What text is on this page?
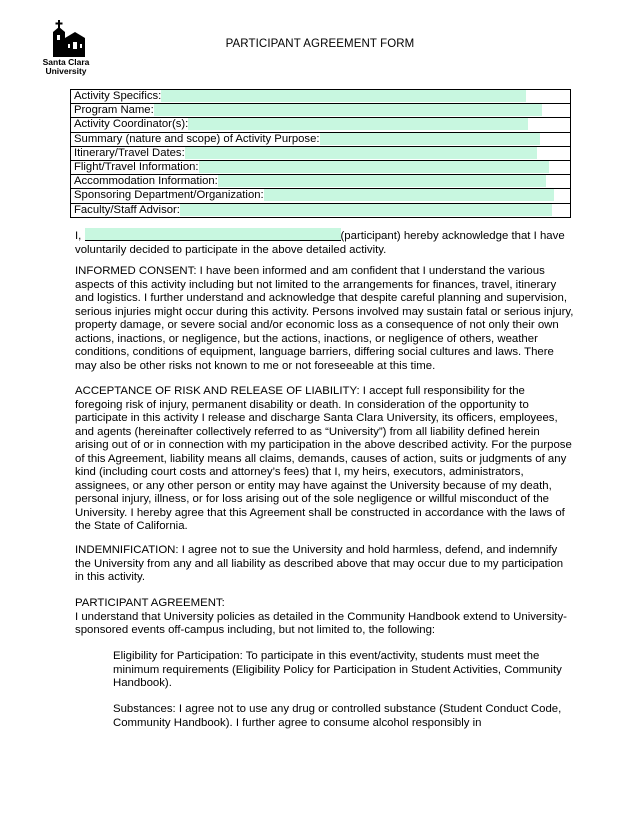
Santa Clara
University
PARTICIPANT AGREEMENT FORM
Activity Specifics:
Program Name:
Activity Coordinator(s):
Summary (nature and scope) of Activity Purpose:
Itinerary/Travel Dates:
Flight/Travel Information:
Accommodation Information:
Sponsoring Department/Organization:
Faculty/Staff Advisor:

I,	(participant) hereby acknowledge that I have voluntarily decided to participate in the above detailed activity.

INFORMED CONSENT: I have been informed and am confident that I understand the various aspects of this activity including but not limited to the arrangements for finances, travel, itinerary and logistics. I further understand and acknowledge that despite careful planning and supervision, serious injuries might occur during this activity. Persons involved may sustain fatal or serious injury, property damage, or severe social and/or economic loss as a consequence of not only their own actions, inactions, or negligence, but the actions, inactions, or negligence of others, weather conditions, conditions of equipment, language barriers, differing social cultures and laws. There may also be other risks not known to me or not foreseeable at this time.

ACCEPTANCE OF RISK AND RELEASE OF LIABILITY: I accept full responsibility for the foregoing risk of injury, permanent disability or death. In consideration of the opportunity to participate in this activity I release and discharge Santa Clara University, its officers, employees, and agents (hereinafter collectively referred to as “University”) from all liability defined herein arising out of or in connection with my participation in the above described activity. For the purpose of this Agreement, liability means all claims, demands, causes of action, suits or judgments of any kind (including court costs and attorney’s fees) that I, my heirs, executors, administrators, assignees, or any other person or entity may have against the University because of my death, personal injury, illness, or for loss arising out of the sole negligence or willful misconduct of the University. I hereby agree that this Agreement shall be constructed in accordance with the laws of the State of California.

INDEMNIFICATION: I agree not to sue the University and hold harmless, defend, and indemnify the University from any and all liability as described above that may occur due to my participation in this activity.

PARTICIPANT AGREEMENT:

I understand that University policies as detailed in the Community Handbook extend to University-sponsored events off-campus including, but not limited to, the following:

Eligibility for Participation: To participate in this event/activity, students must meet the minimum requirements (Eligibility Policy for Participation in Student Activities, Community Handbook).

Substances: I agree not to use any drug or controlled substance (Student Conduct Code, Community Handbook). I further agree to consume alcohol responsibly in
